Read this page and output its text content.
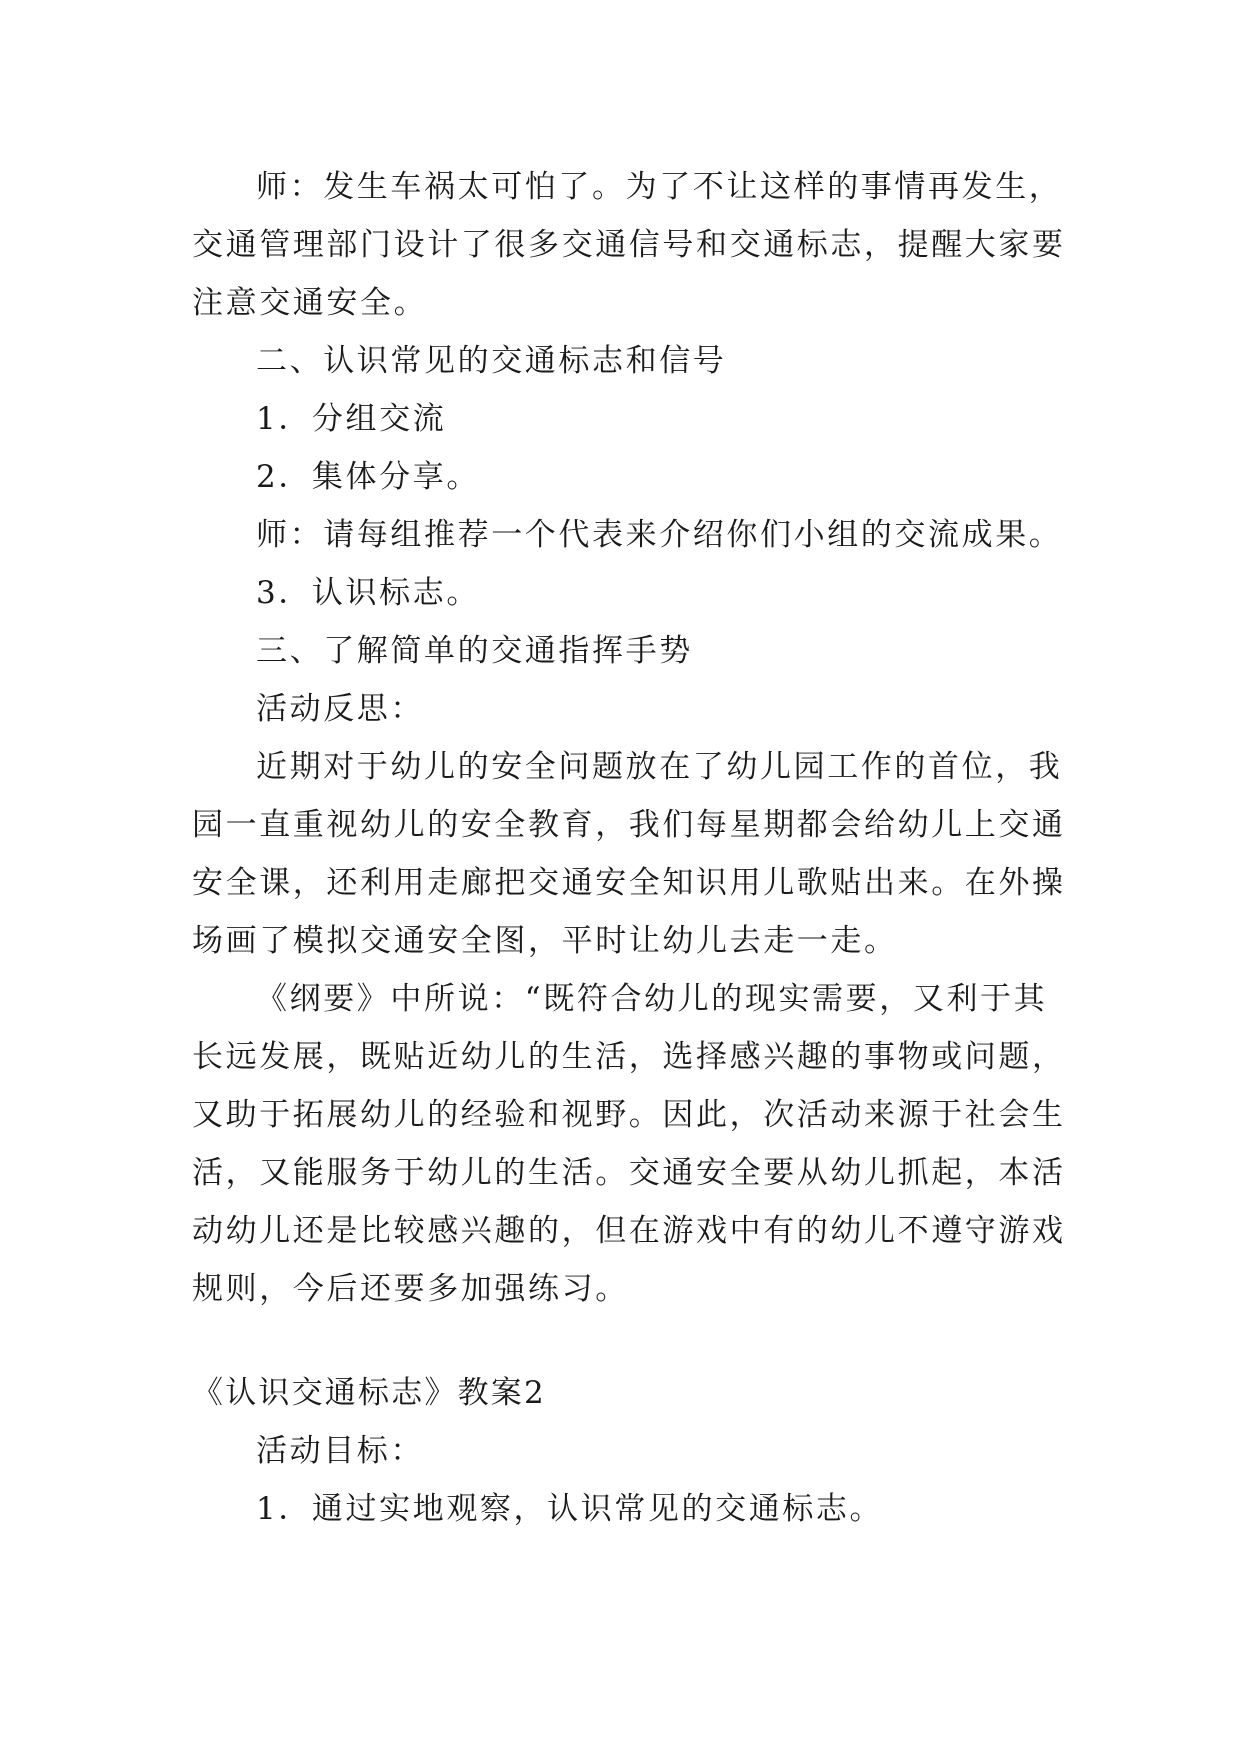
师：发生车祸太可怕了。为了不让这样的事情再发生，
交通管理部门设计了很多交通信号和交通标志，提醒大家要
注意交通安全。
二、认识常见的交通标志和信号
1．分组交流
2．集体分享。
师：请每组推荐一个代表来介绍你们小组的交流成果。
3．认识标志。
三、了解简单的交通指挥手势
活动反思：
近期对于幼儿的安全问题放在了幼儿园工作的首位，我
园一直重视幼儿的安全教育，我们每星期都会给幼儿上交通
安全课，还利用走廊把交通安全知识用儿歌贴出来。在外操
场画了模拟交通安全图，平时让幼儿去走一走。
《纲要》中所说：“既符合幼儿的现实需要，又利于其
长远发展，既贴近幼儿的生活，选择感兴趣的事物或问题，
又助于拓展幼儿的经验和视野。因此，次活动来源于社会生
活，又能服务于幼儿的生活。交通安全要从幼儿抓起，本活
动幼儿还是比较感兴趣的，但在游戏中有的幼儿不遵守游戏
规则，今后还要多加强练习。
《认识交通标志》教案2
活动目标：
1．通过实地观察，认识常见的交通标志。
